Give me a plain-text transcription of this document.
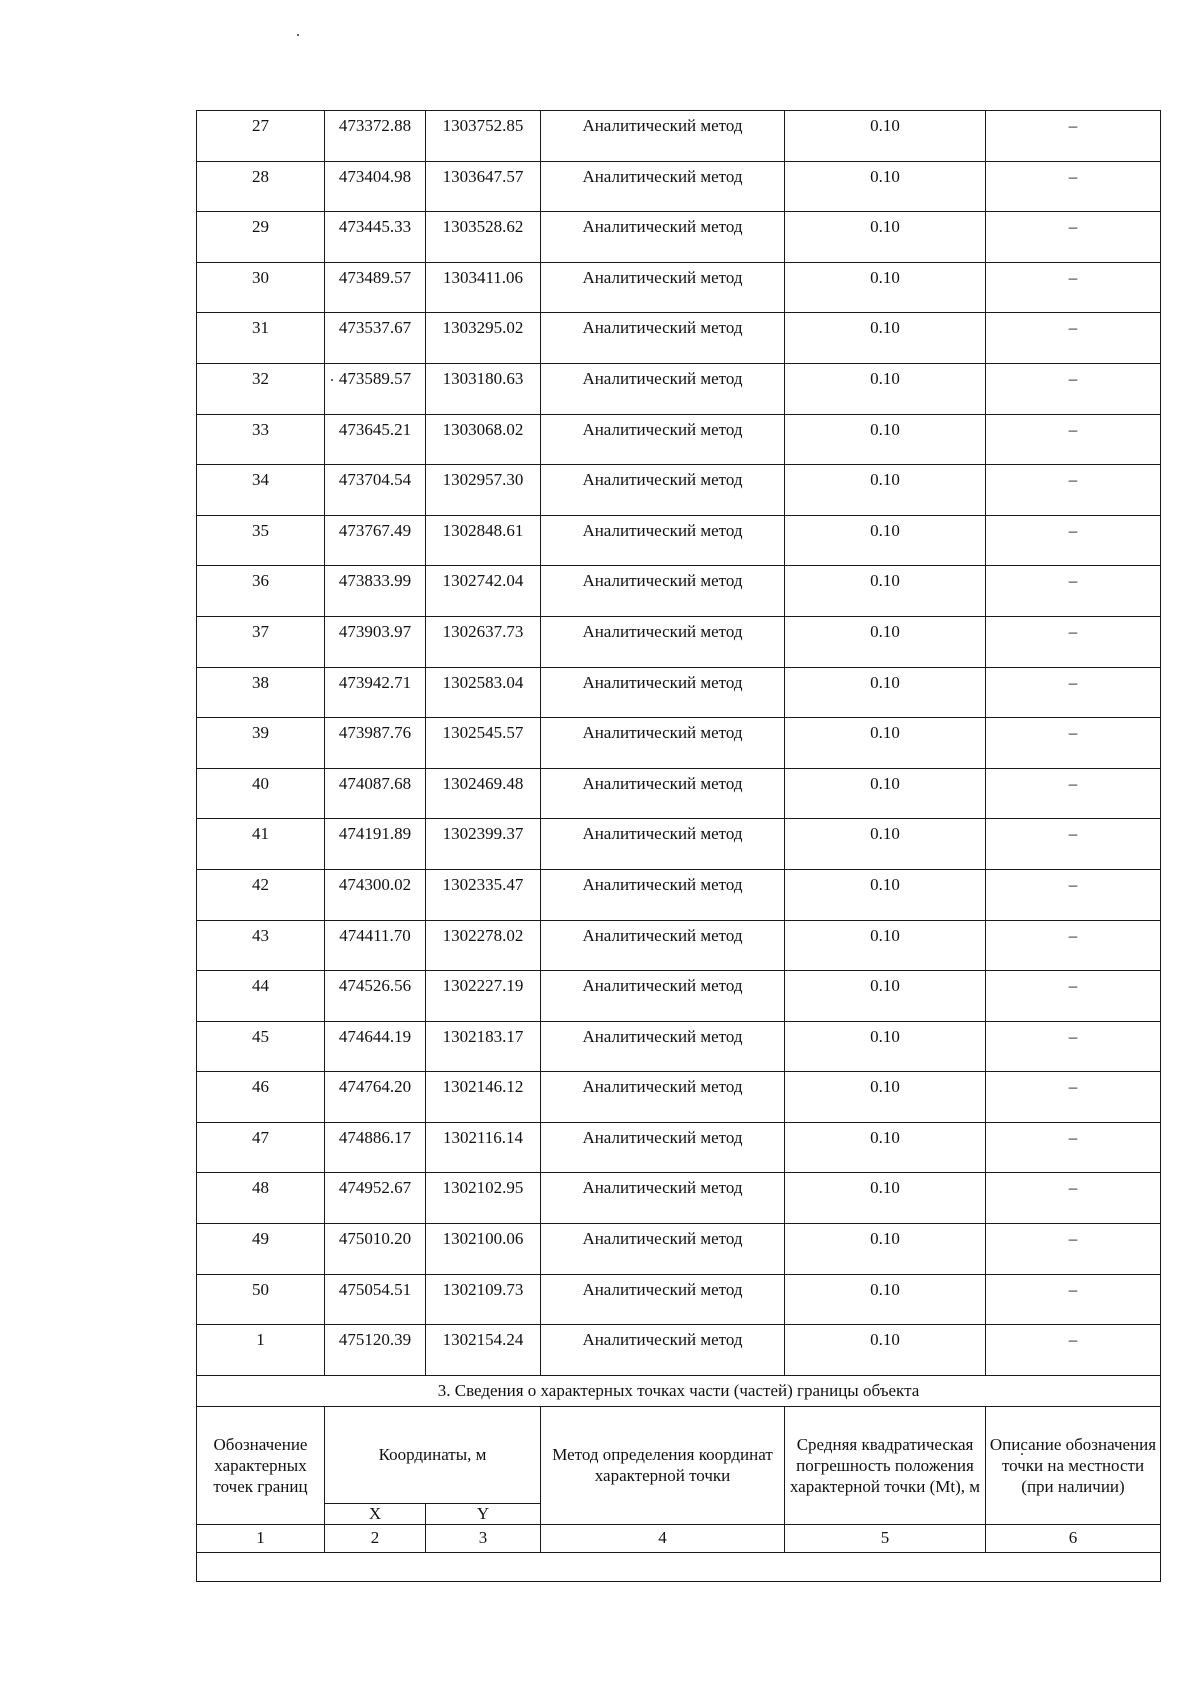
27	473372.88	1303752.85	Аналитический метод	0.10	–
28	473404.98	1303647.57	Аналитический метод	0.10	–
29	473445.33	1303528.62	Аналитический метод	0.10	–
30	473489.57	1303411.06	Аналитический метод	0.10	–
31	473537.67	1303295.02	Аналитический метод	0.10	–
32	473589.57	1303180.63	Аналитический метод	0.10	–
33	473645.21	1303068.02	Аналитический метод	0.10	–
34	473704.54	1302957.30	Аналитический метод	0.10	–
35	473767.49	1302848.61	Аналитический метод	0.10	–
36	473833.99	1302742.04	Аналитический метод	0.10	–
37	473903.97	1302637.73	Аналитический метод	0.10	–
38	473942.71	1302583.04	Аналитический метод	0.10	–
39	473987.76	1302545.57	Аналитический метод	0.10	–
40	474087.68	1302469.48	Аналитический метод	0.10	–
41	474191.89	1302399.37	Аналитический метод	0.10	–
42	474300.02	1302335.47	Аналитический метод	0.10	–
43	474411.70	1302278.02	Аналитический метод	0.10	–
44	474526.56	1302227.19	Аналитический метод	0.10	–
45	474644.19	1302183.17	Аналитический метод	0.10	–
46	474764.20	1302146.12	Аналитический метод	0.10	–
47	474886.17	1302116.14	Аналитический метод	0.10	–
48	474952.67	1302102.95	Аналитический метод	0.10	–
49	475010.20	1302100.06	Аналитический метод	0.10	–
50	475054.51	1302109.73	Аналитический метод	0.10	–
1	475120.39	1302154.24	Аналитический метод	0.10	–
3. Сведения о характерных точках части (частей) границы объекта					
Обозначение характерных точек границ	Координаты, м		Метод определения координат характерной точки	Средняя квадратическая погрешность положения характерной точки (Mt), м	Описание обозначения точки на местности (при наличии)
	X	Y			
1	2	3	4	5	6
